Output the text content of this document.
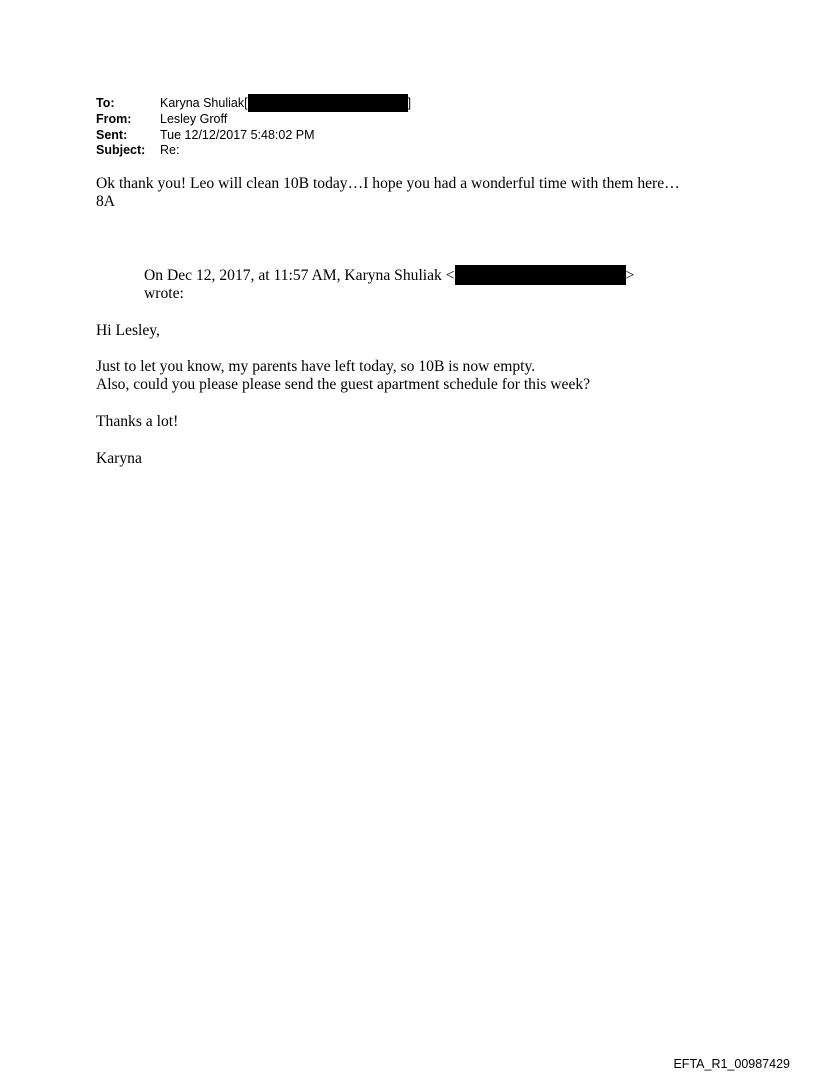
To:	Karyna Shuliak[	]
From:	Lesley Groff
Sent:	Tue 12/12/2017 5:48:02 PM
Subject:	Re:
Ok thank you! Leo will clean 10B today…I hope you had a wonderful time with them here…
8A
On Dec 12, 2017, at 11:57 AM, Karyna Shuliak <	>
wrote:
Hi Lesley,
Just to let you know, my parents have left today, so 10B is now empty.
Also, could you please please send the guest apartment schedule for this week?
Thanks a lot!
Karyna
EFTA_R1_00987429
